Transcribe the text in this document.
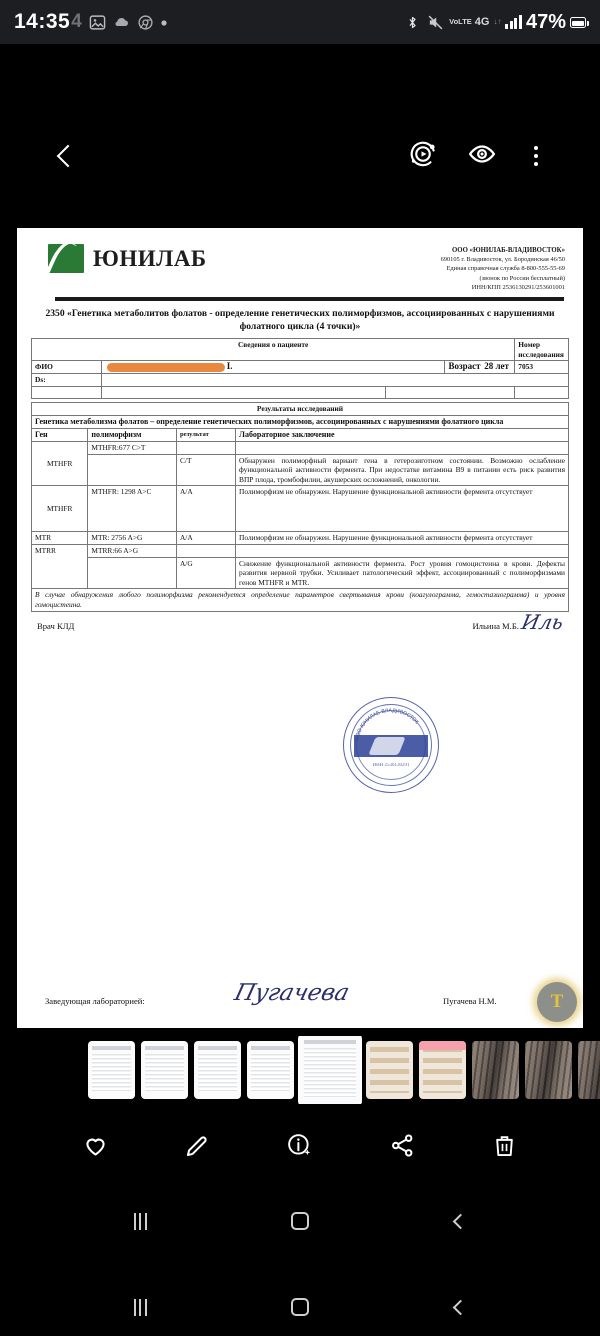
14:35 4	VoLTE 4G ↓↑ 47%
ЮНИЛАБ	ООО «ЮНИЛАБ-ВЛАДИВОСТОК»
690105 г. Владивосток, ул. Бородинская 46/50
Единая справочная служба 8-800-555-55-69
(звонок по России бесплатный)
ИНН/КПП 2536130291/253601001
2350 «Генетика метаболитов фолатов - определение генетических полиморфизмов, ассоциированных с нарушениями фолатного цикла (4 точки)»
Сведения о пациенте				Номер исследования
ФИО	І.		Возраст 28 лет	7053
Ds:				

Результаты исследований			
Генетика метаболизма фолатов – определение генетических полиморфизмов, ассоциированных с нарушениями фолатного цикла			
Ген	полиморфизм	результат	Лабораторное заключение
MTHFR	MTHFR:677 C>T		
		C/T	Обнаружен полиморфный вариант гена в гетерозиготном состоянии. Возможно ослабление функциональной активности фермента. При недостатке витамина В9 в питании есть риск развития ВПР плода, тромбофилии, акушерских осложнений, онкологии.
MTHFR	MTHFR: 1298 A>C	A/A	Полиморфизм не обнаружен. Нарушение функциональной активности фермента отсутствует
MTR	MTR: 2756 A>G	A/A	Полиморфизм не обнаружен. Нарушение функциональной активности фермента отсутствует
MTRR	MTRR:66 A>G		
		A/G	Снижение функциональной активности фермента. Рост уровня гомоцистеина в крови. Дефекты развития нервной трубки. Усиливает патологический эффект, ассоциированный с полиморфизмами генов MTHFR и MTR.
В случае обнаружения любого полиморфизма рекомендуется определение параметров свертывания крови (коагулограмма, гемостазиограмма) и уровня гомоцистеина.			
Врач КЛД	Ильина М.Б. Иль
О ЮНИЛАБ-ВЛАДИВОСТОК
ИНН 2536130291
Заведующая лабораторией:	Пугачева	Пугачева Н.М.	T
